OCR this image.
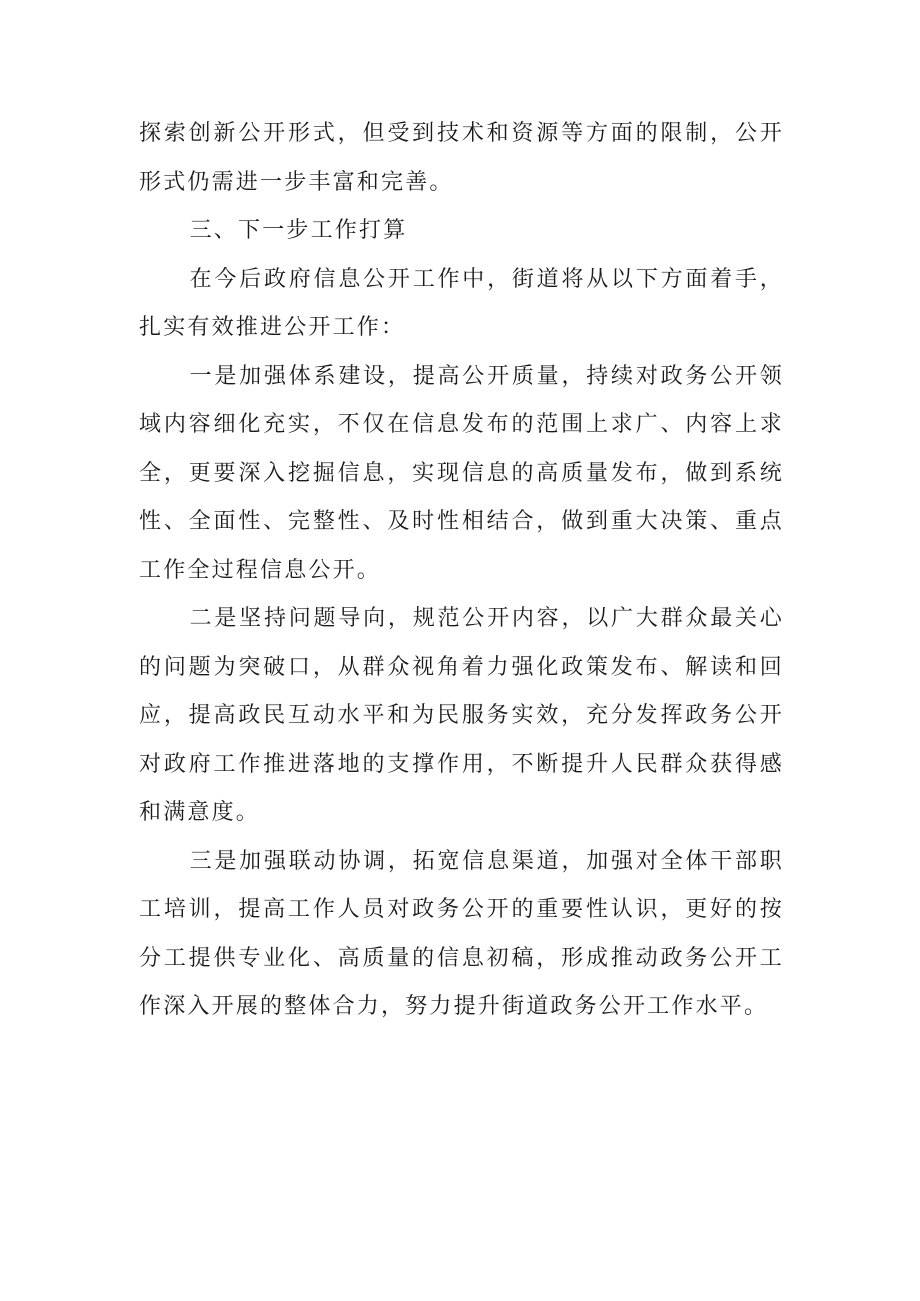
探索创新公开形式，但受到技术和资源等方面的限制，公开形式仍需进一步丰富和完善。

三、下一步工作打算

在今后政府信息公开工作中，街道将从以下方面着手，扎实有效推进公开工作：

一是加强体系建设，提高公开质量，持续对政务公开领域内容细化充实，不仅在信息发布的范围上求广、内容上求全，更要深入挖掘信息，实现信息的高质量发布，做到系统性、全面性、完整性、及时性相结合，做到重大决策、重点工作全过程信息公开。

二是坚持问题导向，规范公开内容，以广大群众最关心的问题为突破口，从群众视角着力强化政策发布、解读和回应，提高政民互动水平和为民服务实效，充分发挥政务公开对政府工作推进落地的支撑作用，不断提升人民群众获得感和满意度。

三是加强联动协调，拓宽信息渠道，加强对全体干部职工培训，提高工作人员对政务公开的重要性认识，更好的按分工提供专业化、高质量的信息初稿，形成推动政务公开工作深入开展的整体合力，努力提升街道政务公开工作水平。
